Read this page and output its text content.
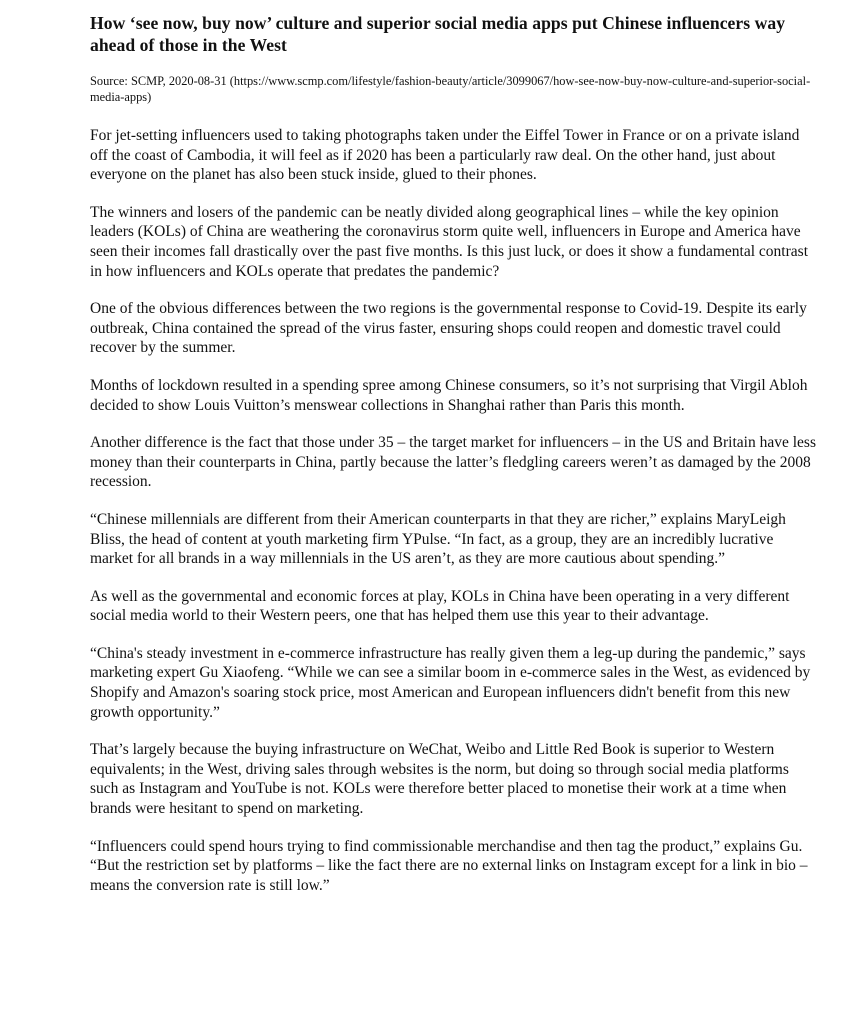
How ‘see now, buy now’ culture and superior social media apps put Chinese influencers way ahead of those in the West

Source: SCMP, 2020-08-31 (https://www.scmp.com/lifestyle/fashion-beauty/article/3099067/how-see-now-buy-now-culture-and-superior-social-media-apps)

For jet-setting influencers used to taking photographs taken under the Eiffel Tower in France or on a private island off the coast of Cambodia, it will feel as if 2020 has been a particularly raw deal. On the other hand, just about everyone on the planet has also been stuck inside, glued to their phones.

The winners and losers of the pandemic can be neatly divided along geographical lines – while the key opinion leaders (KOLs) of China are weathering the coronavirus storm quite well, influencers in Europe and America have seen their incomes fall drastically over the past five months. Is this just luck, or does it show a fundamental contrast in how influencers and KOLs operate that predates the pandemic?

One of the obvious differences between the two regions is the governmental response to Covid-19. Despite its early outbreak, China contained the spread of the virus faster, ensuring shops could reopen and domestic travel could recover by the summer.

Months of lockdown resulted in a spending spree among Chinese consumers, so it’s not surprising that Virgil Abloh decided to show Louis Vuitton’s menswear collections in Shanghai rather than Paris this month.

Another difference is the fact that those under 35 – the target market for influencers – in the US and Britain have less money than their counterparts in China, partly because the latter’s fledgling careers weren’t as damaged by the 2008 recession.

“Chinese millennials are different from their American counterparts in that they are richer,” explains MaryLeigh Bliss, the head of content at youth marketing firm YPulse. “In fact, as a group, they are an incredibly lucrative market for all brands in a way millennials in the US aren’t, as they are more cautious about spending.”

As well as the governmental and economic forces at play, KOLs in China have been operating in a very different social media world to their Western peers, one that has helped them use this year to their advantage.

“China's steady investment in e-commerce infrastructure has really given them a leg-up during the pandemic,” says marketing expert Gu Xiaofeng. “While we can see a similar boom in e-commerce sales in the West, as evidenced by Shopify and Amazon's soaring stock price, most American and European influencers didn't benefit from this new growth opportunity.”

That’s largely because the buying infrastructure on WeChat, Weibo and Little Red Book is superior to Western equivalents; in the West, driving sales through websites is the norm, but doing so through social media platforms such as Instagram and YouTube is not. KOLs were therefore better placed to monetise their work at a time when brands were hesitant to spend on marketing.

“Influencers could spend hours trying to find commissionable merchandise and then tag the product,” explains Gu. “But the restriction set by platforms – like the fact there are no external links on Instagram except for a link in bio – means the conversion rate is still low.”
